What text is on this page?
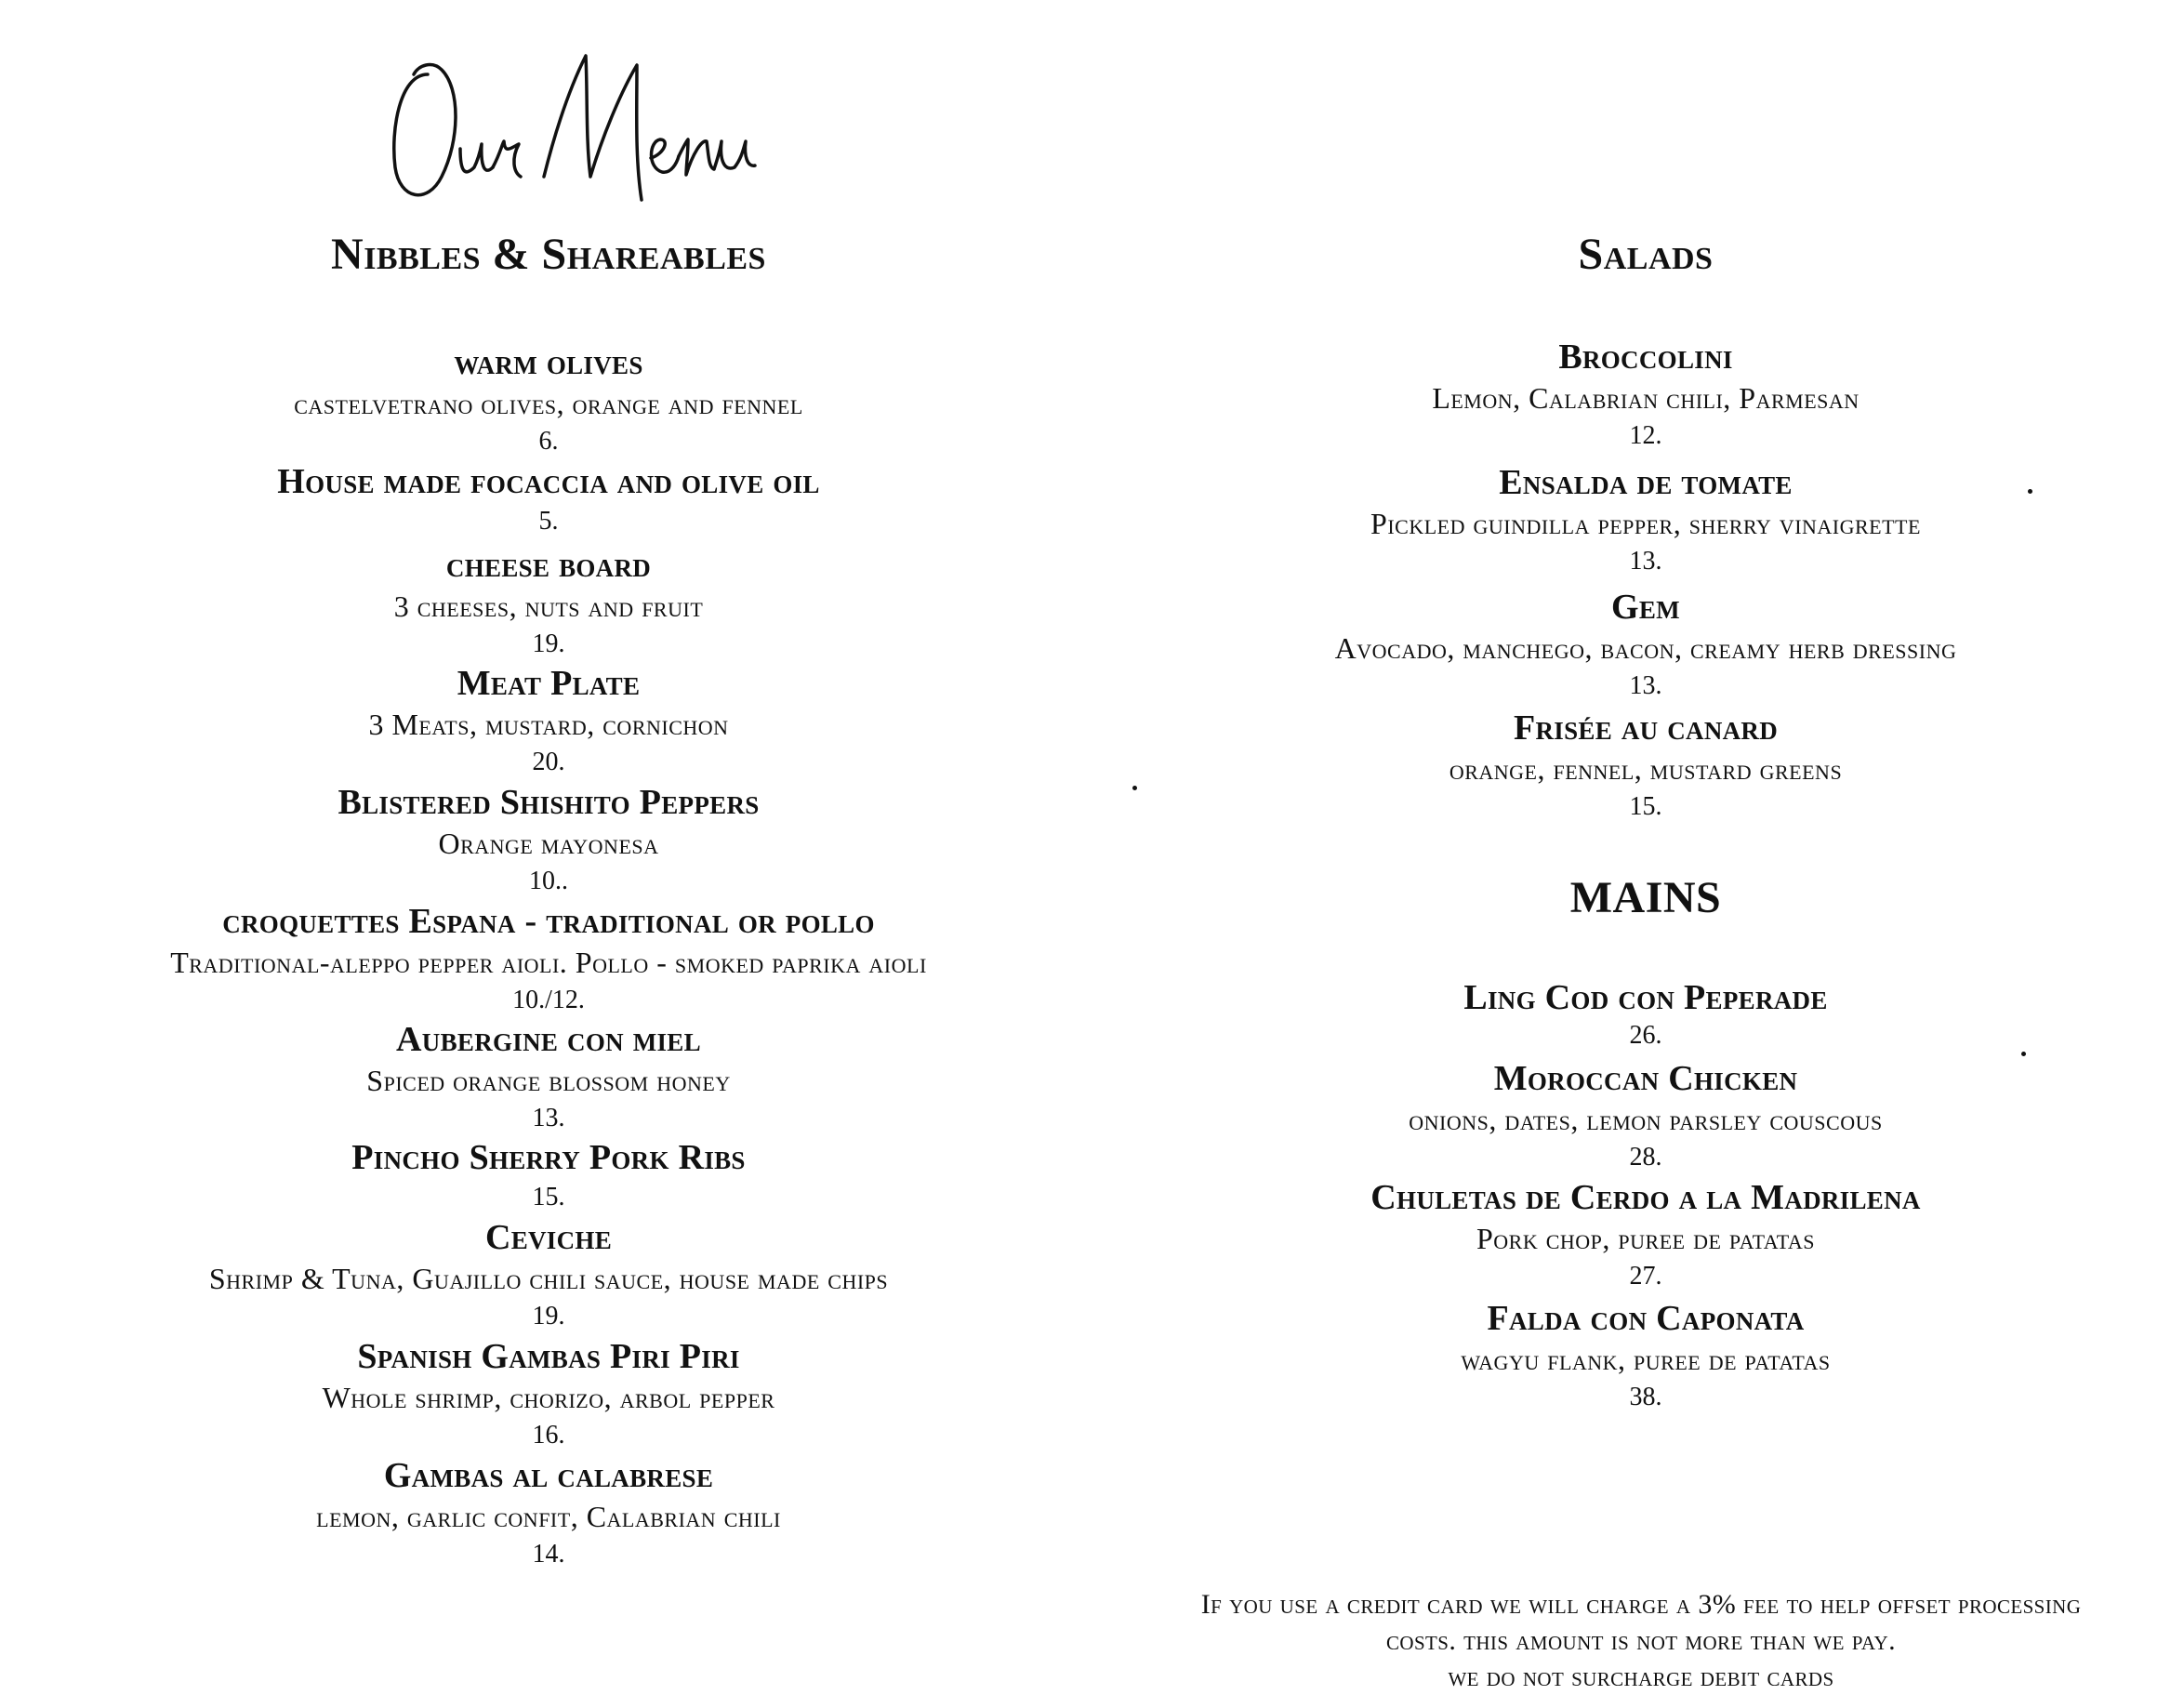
Nibbles & Shareables
warm olives
castelvetrano olives, orange and fennel
6.
House made focaccia and olive oil
5.
cheese board
3 cheeses, nuts and fruit
19.
Meat Plate
3 Meats, mustard, cornichon
20.
Blistered Shishito Peppers
Orange mayonesa
10..
croquettes Espana - traditional or pollo
Traditional-aleppo pepper aioli. Pollo - smoked paprika aioli
10./12.
Aubergine con miel
Spiced orange blossom honey
13.
Pincho Sherry Pork Ribs
15.
Ceviche
Shrimp & Tuna, Guajillo chili sauce, house made chips
19.
Spanish Gambas Piri Piri
Whole shrimp, chorizo, arbol pepper
16.
Gambas al calabrese
lemon, garlic confit, Calabrian chili
14.
Salads
Broccolini
Lemon, Calabrian chili, Parmesan
12.
Ensalda de tomate
Pickled guindilla pepper, sherry vinaigrette
13.
Gem
Avocado, manchego, bacon, creamy herb dressing
13.
Frisée au canard
orange, fennel, mustard greens
15.
MAINS
Ling Cod con Peperade
26.
Moroccan Chicken
onions, dates, lemon parsley couscous
28.
Chuletas de Cerdo a la Madrilena
Pork chop, puree de patatas
27.
Falda con Caponata
wagyu flank, puree de patatas
38.
If you use a credit card we will charge a 3% fee to help offset processing
costs. this amount is not more than we pay.
we do not surcharge debit cards
